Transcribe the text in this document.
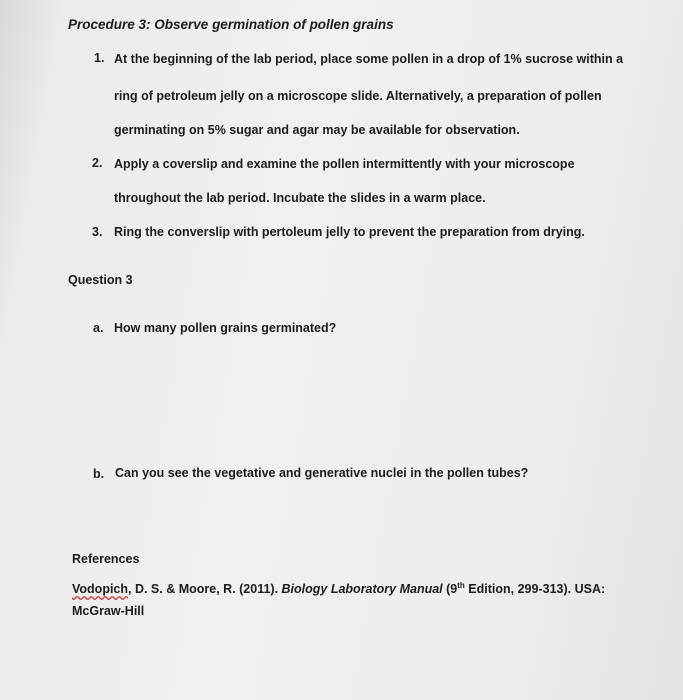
Procedure 3: Observe germination of pollen grains

1. At the beginning of the lab period, place some pollen in a drop of 1% sucrose within a

ring of petroleum jelly on a microscope slide. Alternatively, a preparation of pollen

germinating on 5% sugar and agar may be available for observation.

2. Apply a coverslip and examine the pollen intermittently with your microscope

throughout the lab period. Incubate the slides in a warm place.

3. Ring the converslip with pertoleum jelly to prevent the preparation from drying.

Question 3

a. How many pollen grains germinated?

b. Can you see the vegetative and generative nuclei in the pollen tubes?

References

Vodopich, D. S. & Moore, R. (2011). Biology Laboratory Manual (9th Edition, 299-313). USA:

McGraw-Hill
